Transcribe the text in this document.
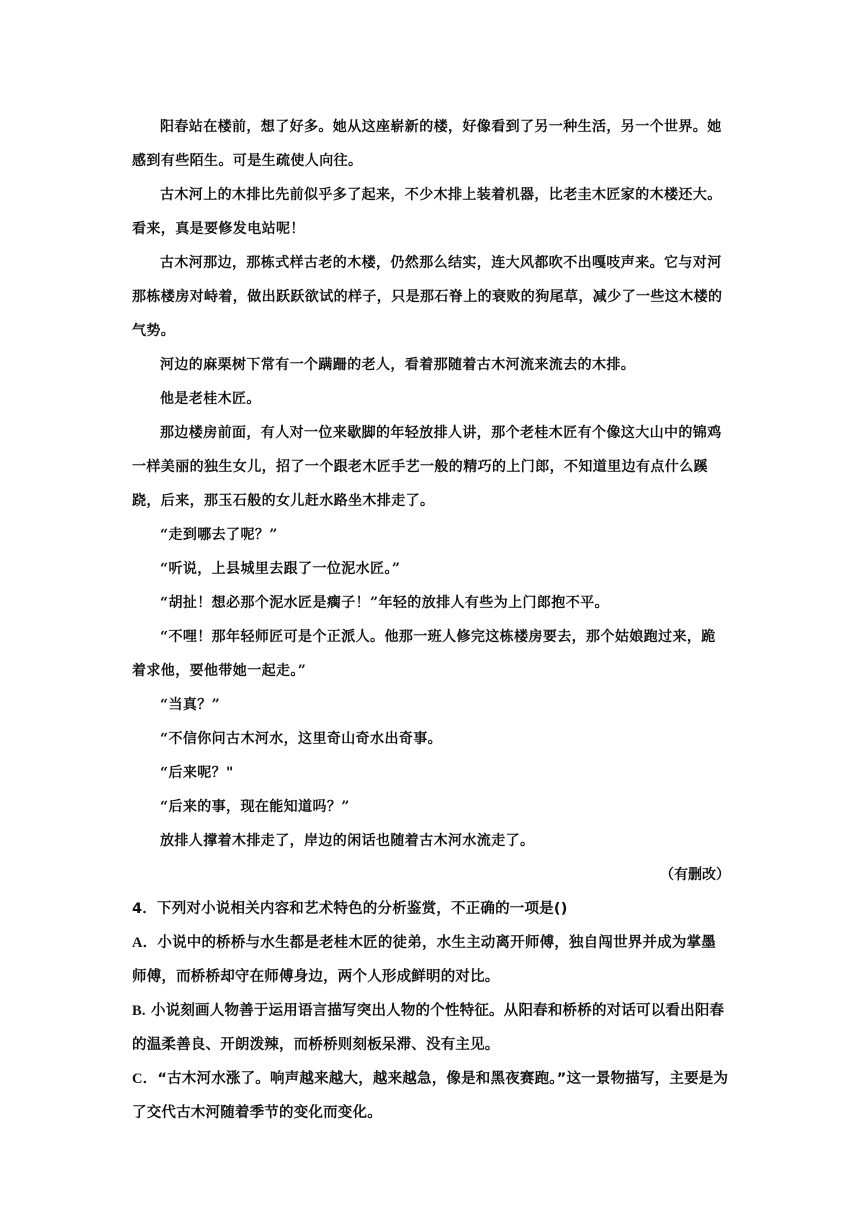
阳春站在楼前，想了好多。她从这座崭新的楼，好像看到了另一种生活，另一个世界。她感到有些陌生。可是生疏使人向往。

古木河上的木排比先前似乎多了起来，不少木排上装着机器，比老圭木匠家的木楼还大。看来，真是要修发电站呢！

古木河那边，那栋式样古老的木楼，仍然那么结实，连大风都吹不出嘎吱声来。它与对河那栋楼房对峙着，做出跃跃欲试的样子，只是那石脊上的衰败的狗尾草，减少了一些这木楼的气势。

河边的麻栗树下常有一个蹒跚的老人，看着那随着古木河流来流去的木排。

他是老桂木匠。

那边楼房前面，有人对一位来歇脚的年轻放排人讲，那个老桂木匠有个像这大山中的锦鸡一样美丽的独生女儿，招了一个跟老木匠手艺一般的精巧的上门郎，不知道里边有点什么蹊跷，后来，那玉石般的女儿赶水路坐木排走了。

“走到哪去了呢？”

“听说，上县城里去跟了一位泥水匠。”

“胡扯！想必那个泥水匠是瘸子！”年轻的放排人有些为上门郎抱不平。

“不哩！那年轻师匠可是个正派人。他那一班人修完这栋楼房要去，那个姑娘跑过来，跪着求他，要他带她一起走。”

“当真？”

“不信你问古木河水，这里奇山奇水出奇事。

“后来呢？"

“后来的事，现在能知道吗？”

放排人撑着木排走了，岸边的闲话也随着古木河水流走了。

（有删改）

4．下列对小说相关内容和艺术特色的分析鉴赏，不正确的一项是()

A．小说中的桥桥与水生都是老桂木匠的徒弟，水生主动离开师傅，独自闯世界并成为掌墨师傅，而桥桥却守在师傅身边，两个人形成鲜明的对比。

B. 小说刻画人物善于运用语言描写突出人物的个性特征。从阳春和桥桥的对话可以看出阳春的温柔善良、开朗泼辣，而桥桥则刻板呆滞、没有主见。

C．“古木河水涨了。响声越来越大，越来越急，像是和黑夜赛跑。”这一景物描写，主要是为了交代古木河随着季节的变化而变化。
